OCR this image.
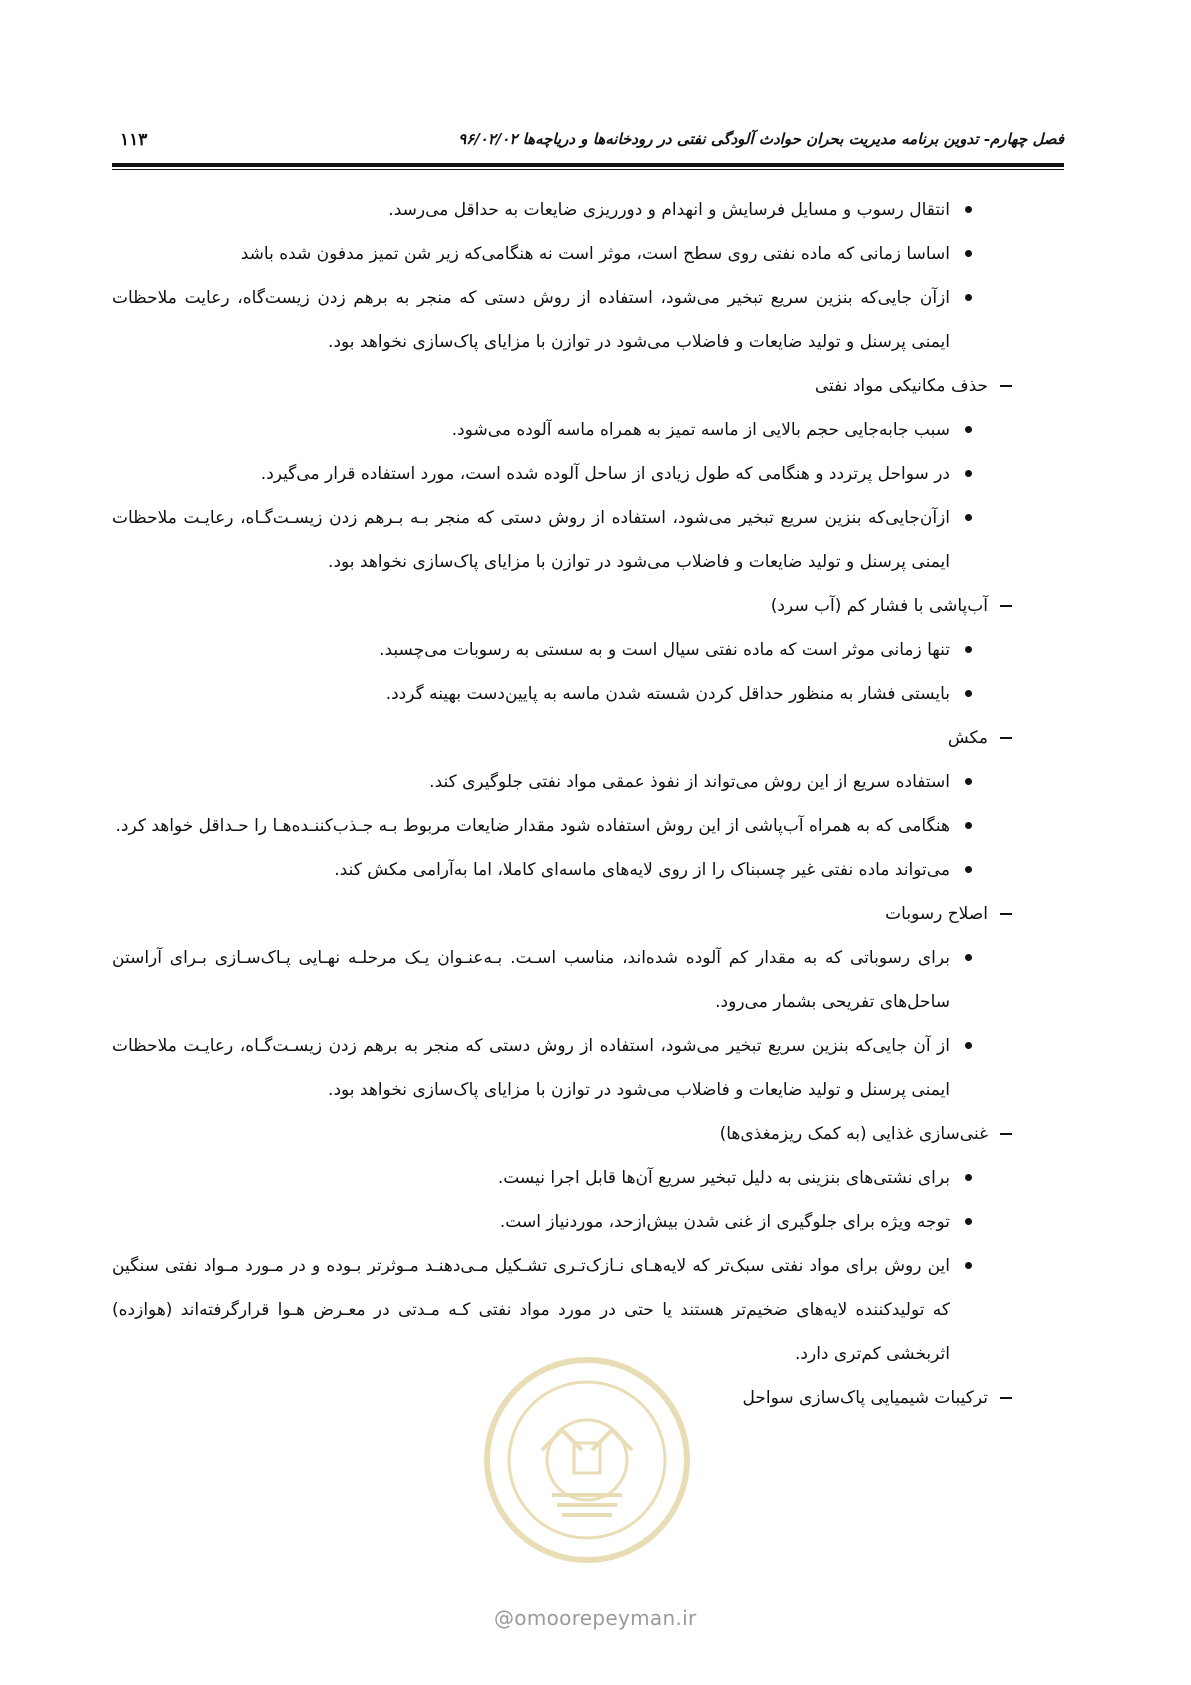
فصل چهارم- تدوین برنامه مدیریت بحران حوادث آلودگی نفتی در رودخانه‌ها و دریاچه‌ها ۹۶/۰۲/۰۲
۱۱۳
انتقال رسوب و مسایل فرسایش و انهدام و دورریزی ضایعات به حداقل می‌رسد.
اساسا زمانی که ماده نفتی روی سطح است، موثر است نه هنگامی‌که زیر شن تمیز مدفون شده باشد
ازآن جایی‌که بنزین سریع تبخیر می‌شود، استفاده از روش دستی که منجر به برهم زدن زیست‌گاه، رعایت ملاحظات ایمنی پرسنل و تولید ضایعات و فاضلاب می‌شود در توازن با مزایای پاک‌سازی نخواهد بود.
حذف مکانیکی مواد نفتی
سبب جابه‌جایی حجم بالایی از ماسه تمیز به همراه ماسه آلوده می‌شود.
در سواحل پرتردد و هنگامی که طول زیادی از ساحل آلوده شده است، مورد استفاده قرار می‌گیرد.
ازآن‌جایی‌که بنزین سریع تبخیر می‌شود، استفاده از روش دستی که منجر بـه بـرهم زدن زیسـت‌گـاه، رعایـت ملاحظات ایمنی پرسنل و تولید ضایعات و فاضلاب می‌شود در توازن با مزایای پاک‌سازی نخواهد بود.
آب‌پاشی با فشار کم (آب سرد)
تنها زمانی موثر است که ماده نفتی سیال است و به سستی به رسوبات می‌چسبد.
بایستی فشار به منظور حداقل کردن شسته شدن ماسه به پایین‌دست بهینه گردد.
مکش
استفاده سریع از این روش می‌تواند از نفوذ عمقی مواد نفتی جلوگیری کند.
هنگامی که به همراه آب‌پاشی از این روش استفاده شود مقدار ضایعات مربوط بـه جـذب‌کننـده‌هـا را حـداقل خواهد کرد.
می‌تواند ماده نفتی غیر چسبناک را از روی لایه‌های ماسه‌ای کاملا، اما به‌آرامی مکش کند.
اصلاح رسوبات
برای رسوباتی که به مقدار کم آلوده شده‌اند، مناسب اسـت. بـه‌عنـوان یـک مرحلـه نهـایی پـاک‌سـازی بـرای آراستن ساحل‌های تفریحی بشمار می‌رود.
از آن جایی‌که بنزین سریع تبخیر می‌شود، استفاده از روش دستی که منجر به برهم زدن زیسـت‌گـاه، رعایـت ملاحظات ایمنی پرسنل و تولید ضایعات و فاضلاب می‌شود در توازن با مزایای پاک‌سازی نخواهد بود.
غنی‌سازی غذایی (به کمک ریزمغذی‌ها)
برای نشتی‌های بنزینی به دلیل تبخیر سریع آن‌ها قابل اجرا نیست.
توجه ویژه برای جلوگیری از غنی شدن بیش‌ازحد، موردنیاز است.
این روش برای مواد نفتی سبک‌تر که لایه‌هـای نـازک‌تـری تشـکیل مـی‌دهنـد مـوثرتر بـوده و در مـورد مـواد نفتی سنگین که تولیدکننده لایه‌های ضخیم‌تر هستند یا حتی در مورد مواد نفتی کـه مـدتی در معـرض هـوا قرارگرفته‌اند (هوازده) اثربخشی کم‌تری دارد.
ترکیبات شیمیایی پاک‌سازی سواحل
@omoorepeyman.ir
